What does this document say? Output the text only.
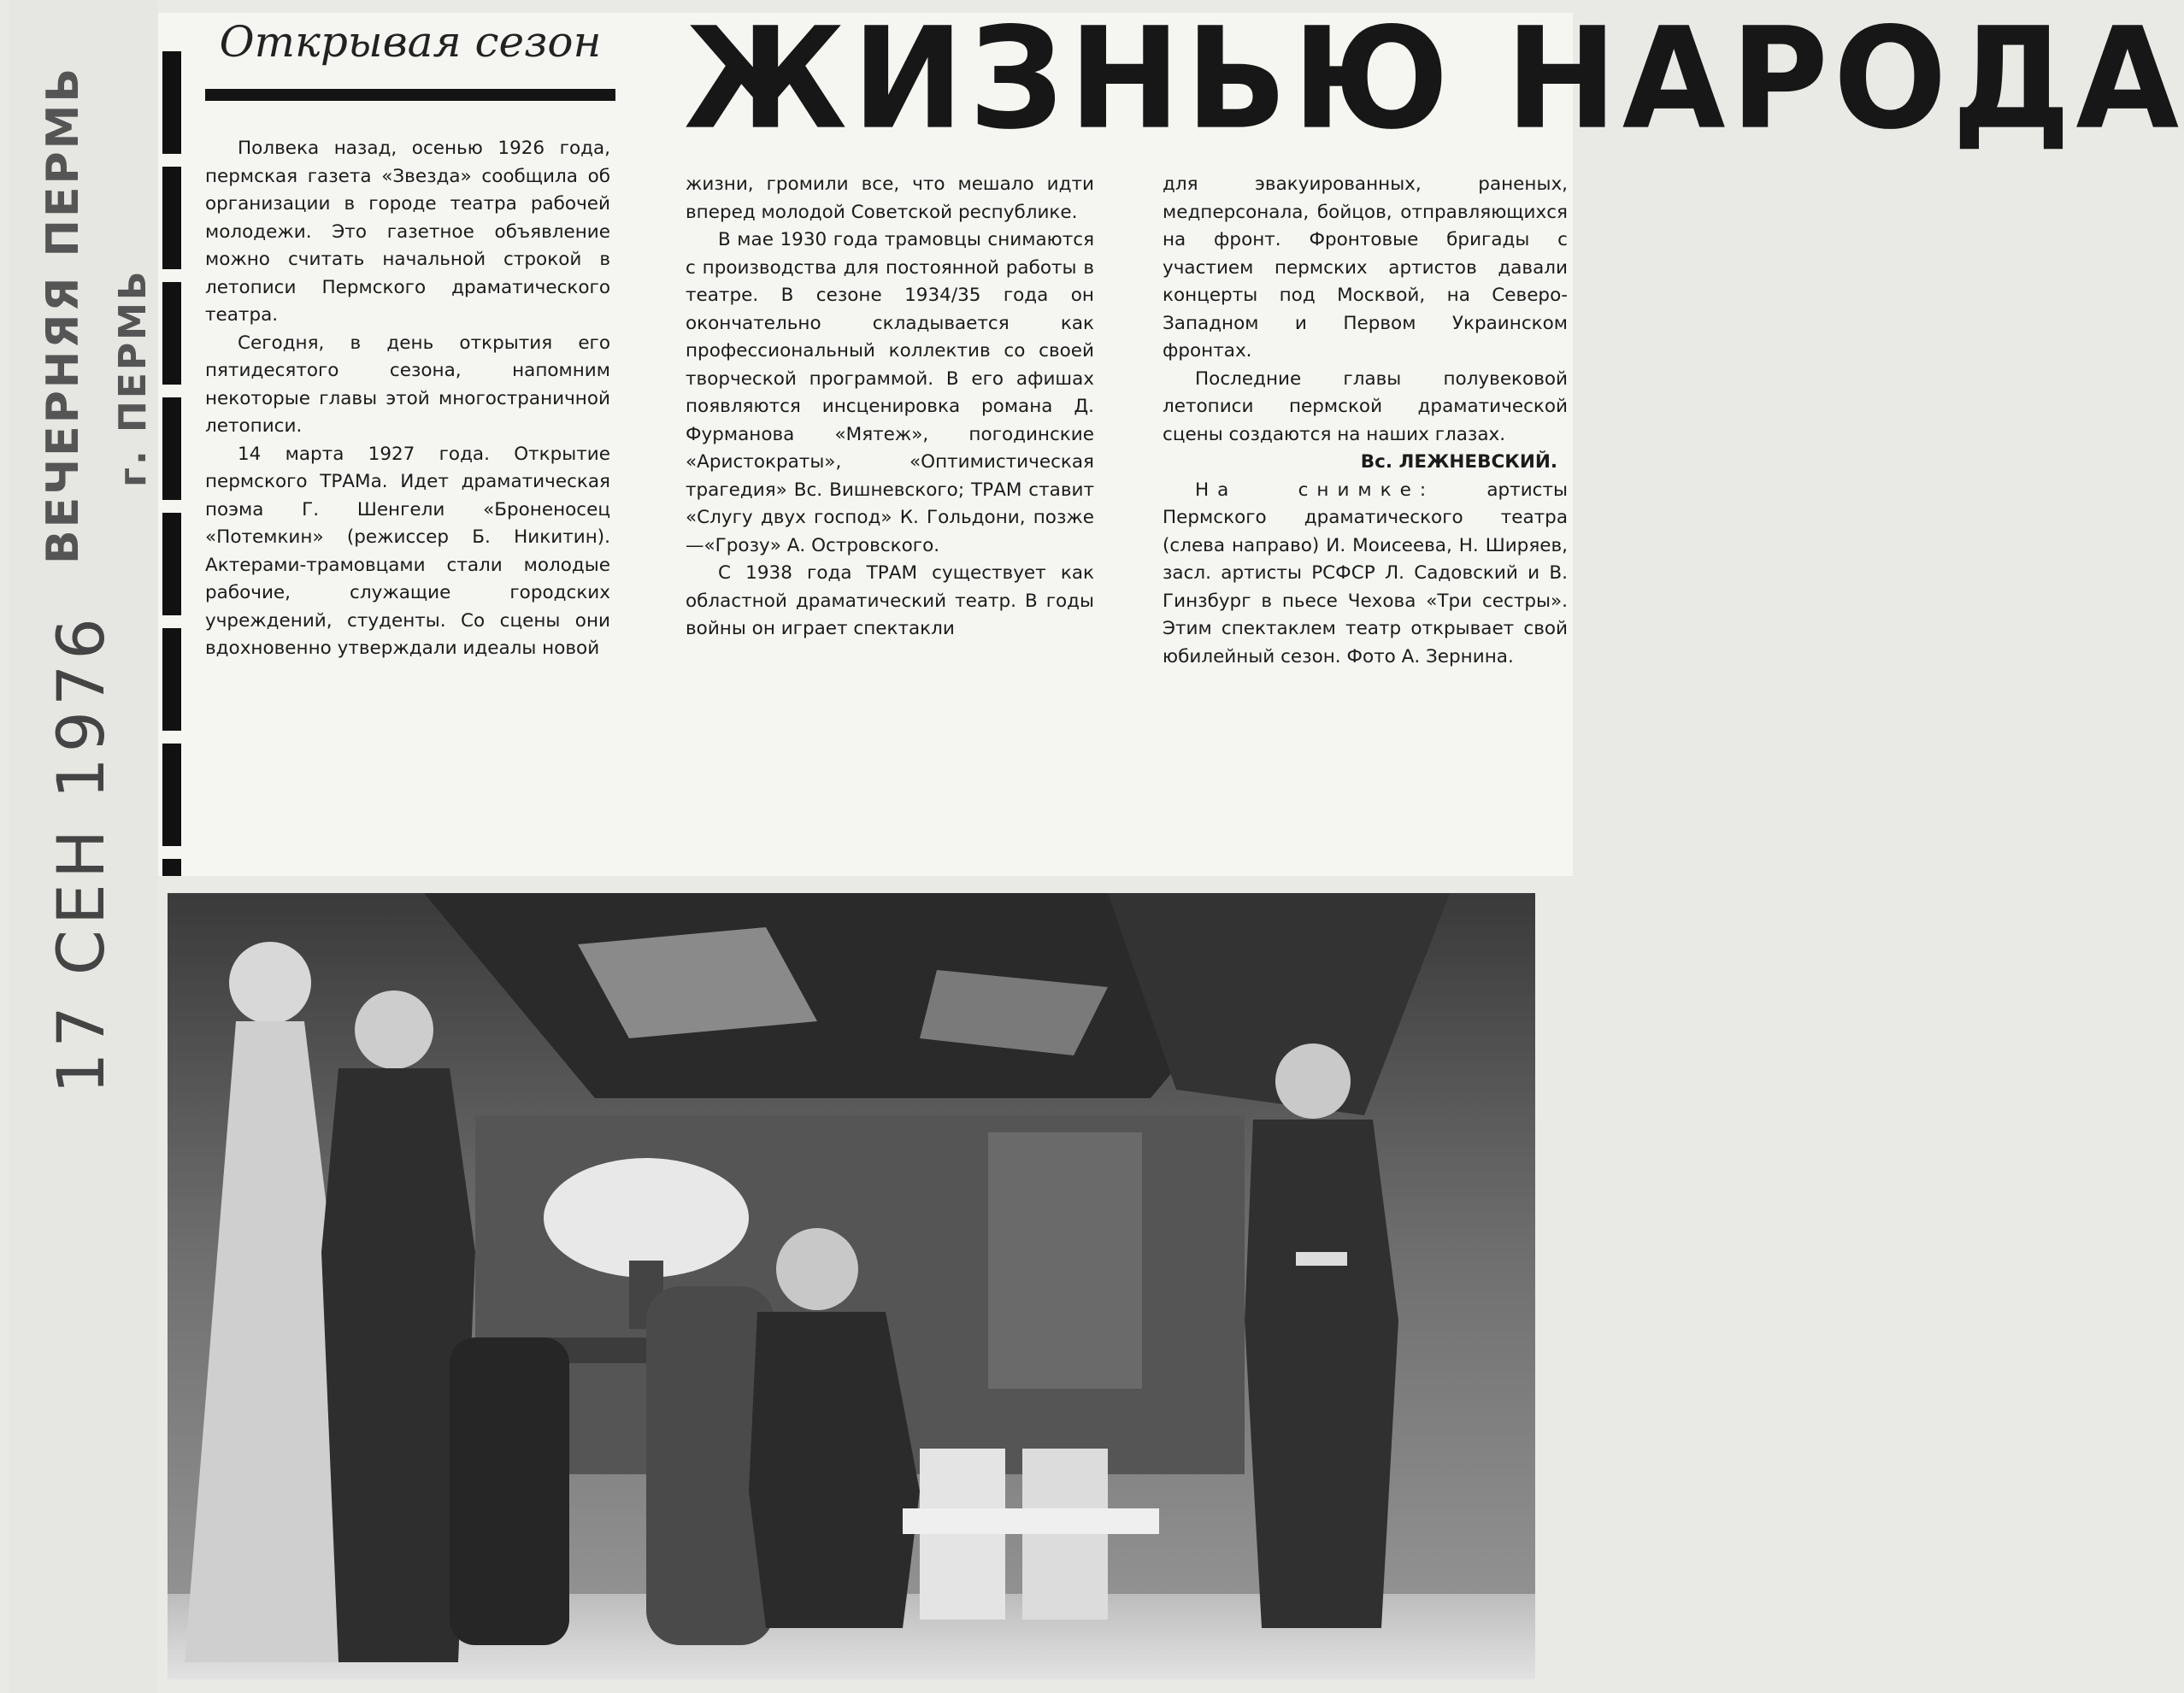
ВЕЧЕРНЯЯ ПЕРМЬ г. ПЕРМЬ
17 СЕН 1976
Открывая сезон ЖИЗНЬЮ НАРОДА

Полвека назад, осенью 1926 года, пермская газета «Звезда» сообщила об организации в городе театра рабочей молодежи. Это газетное объявление можно считать начальной строкой в летописи Пермского драматического театра.

Сегодня, в день открытия его пятидесятого сезона, напомним некоторые главы этой многостраничной летописи.

14 марта 1927 года. Открытие пермского ТРАМа. Идет драматическая поэма Г. Шенгели «Броненосец «Потемкин» (режиссер Б. Никитин). Актерами-трамовцами стали молодые рабочие, служащие городских учреждений, студенты. Со сцены они вдохновенно утверждали идеалы новой

жизни, громили все, что мешало идти вперед молодой Советской республике.

В мае 1930 года трамовцы снимаются с производства для постоянной работы в театре. В сезоне 1934/35 года он окончательно складывается как профессиональный коллектив со своей творческой программой. В его афишах появляются инсценировка романа Д. Фурманова «Мятеж», погодинские «Аристократы», «Оптимистическая трагедия» Вс. Вишневского; ТРАМ ставит «Слугу двух господ» К. Гольдони, позже—«Грозу» А. Островского.

С 1938 года ТРАМ существует как областной драматический театр. В годы войны он играет спектакли

для эвакуированных, раненых, медперсонала, бойцов, отправляющихся на фронт. Фронтовые бригады с участием пермских артистов давали концерты под Москвой, на Северо-Западном и Первом Украинском фронтах.

Последние главы полувековой летописи пермской драматической сцены создаются на наших глазах.

Вс. ЛЕЖНЕВСКИЙ.

На снимке:	артисты Пермского драматического театра (слева направо) И. Моисеева, Н. Ширяев, засл. артисты РСФСР Л. Садовский и В. Гинзбург в пьесе Чехова «Три сестры». Этим спектаклем театр открывает свой юбилейный сезон. Фото А. Зернина.
